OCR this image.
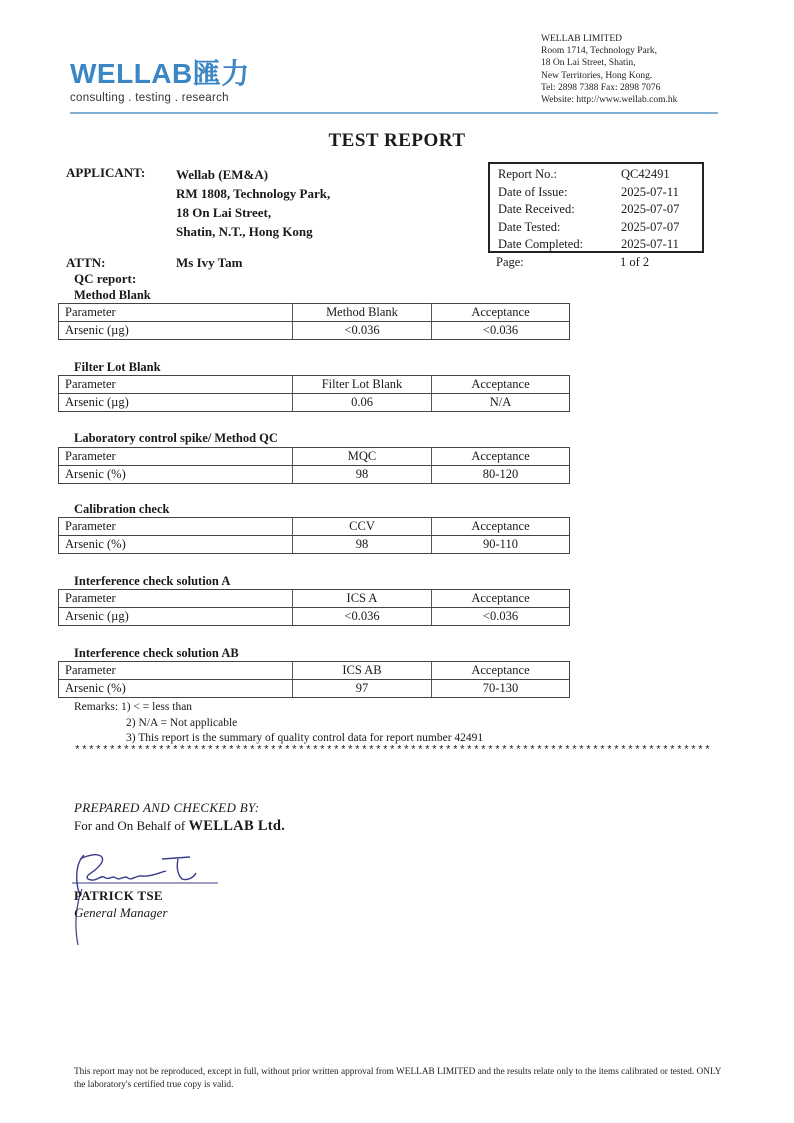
WELLAB匯力
consulting . testing . research
WELLAB LIMITED
Room 1714, Technology Park,
18 On Lai Street, Shatin,
New Territories, Hong Kong.
Tel: 2898 7388 Fax: 2898 7076
Website: http://www.wellab.com.hk
TEST REPORT
APPLICANT: Wellab (EM&A)
RM 1808, Technology Park,
18 On Lai Street,
Shatin, N.T., Hong Kong
Report No.:	QC42491
Date of Issue:	2025-07-11
Date Received:	2025-07-07
Date Tested:	2025-07-07
Date Completed:	2025-07-11
Page:	1 of 2
ATTN:	Ms Ivy Tam
QC report:
Method Blank
Parameter	Method Blank	Acceptance
Arsenic (µg)	<0.036	<0.036
Filter Lot Blank
Parameter	Filter Lot Blank	Acceptance
Arsenic (µg)	0.06	N/A
Laboratory control spike/ Method QC
Parameter	MQC	Acceptance
Arsenic (%)	98	80-120
Calibration check
Parameter	CCV	Acceptance
Arsenic (%)	98	90-110
Interference check solution A
Parameter	ICS A	Acceptance
Arsenic (µg)	<0.036	<0.036
Interference check solution AB
Parameter	ICS AB	Acceptance
Arsenic (%)	97	70-130
Remarks: 1) < = less than
2) N/A = Not applicable
3) This report is the summary of quality control data for report number 42491
*******************************************************************************************
PREPARED AND CHECKED BY:
For and On Behalf of WELLAB Ltd.
PATRICK TSE
General Manager
This report may not be reproduced, except in full, without prior written approval from WELLAB LIMITED and the results relate only to the items calibrated or tested. ONLY the laboratory's certified true copy is valid.
